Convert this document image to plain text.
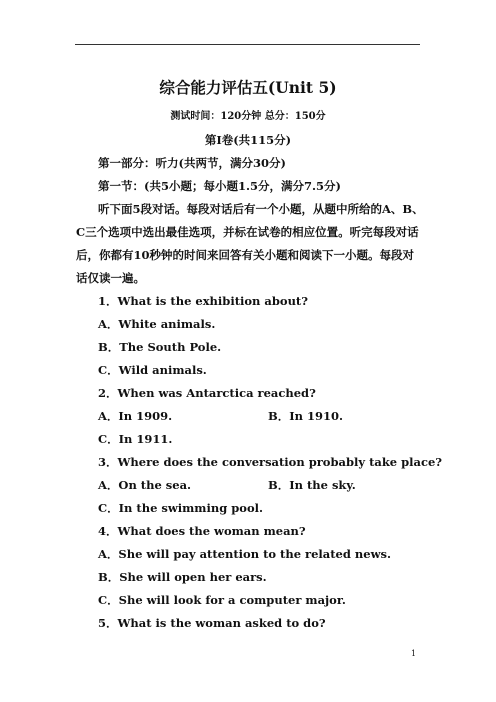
综合能力评估五(Unit 5)
测试时间：120分钟 总分：150分
第Ⅰ卷(共115分)
第一部分：听力(共两节，满分30分)
第一节：(共5小题；每小题1.5分，满分7.5分)
听下面5段对话。每段对话后有一个小题，从题中所给的A、B、
C三个选项中选出最佳选项，并标在试卷的相应位置。听完每段对话
后，你都有10秒钟的时间来回答有关小题和阅读下一小题。每段对
话仅读一遍。
1．What is the exhibition about?
A．White animals.
B．The South Pole.
C．Wild animals.
2．When was Antarctica reached?
A．In 1909.	B．In 1910.
C．In 1911.
3．Where does the conversation probably take place?
A．On the sea.	B．In the sky.
C．In the swimming pool.
4．What does the woman mean?
A．She will pay attention to the related news.
B．She will open her ears.
C．She will look for a computer major.
5．What is the woman asked to do?
1
